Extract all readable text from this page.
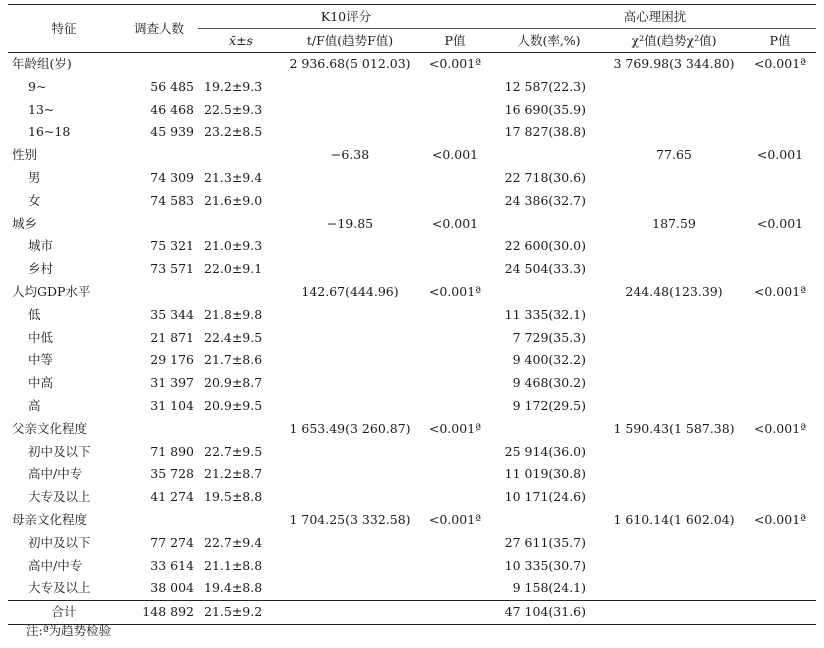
特征	调查人数	K10评分			高心理困扰		
		x̄±s	t/F值(趋势F值)	P值	人数(率,%)	χ²值(趋势χ²值)	P值
年龄组(岁)			2 936.68(5 012.03)	<0.001ª		3 769.98(3 344.80)	<0.001ª
9~	56 485	19.2±9.3			12 587(22.3)		
13~	46 468	22.5±9.3			16 690(35.9)		
16~18	45 939	23.2±8.5			17 827(38.8)		
性别			−6.38	<0.001		77.65	<0.001
男	74 309	21.3±9.4			22 718(30.6)		
女	74 583	21.6±9.0			24 386(32.7)		
城乡			−19.85	<0.001		187.59	<0.001
城市	75 321	21.0±9.3			22 600(30.0)		
乡村	73 571	22.0±9.1			24 504(33.3)		
人均GDP水平			142.67(444.96)	<0.001ª		244.48(123.39)	<0.001ª
低	35 344	21.8±9.8			11 335(32.1)		
中低	21 871	22.4±9.5			7 729(35.3)		
中等	29 176	21.7±8.6			9 400(32.2)		
中高	31 397	20.9±8.7			9 468(30.2)		
高	31 104	20.9±9.5			9 172(29.5)		
父亲文化程度			1 653.49(3 260.87)	<0.001ª		1 590.43(1 587.38)	<0.001ª
初中及以下	71 890	22.7±9.5			25 914(36.0)		
高中/中专	35 728	21.2±8.7			11 019(30.8)		
大专及以上	41 274	19.5±8.8			10 171(24.6)		
母亲文化程度			1 704.25(3 332.58)	<0.001ª		1 610.14(1 602.04)	<0.001ª
初中及以下	77 274	22.7±9.4			27 611(35.7)		
高中/中专	33 614	21.1±8.8			10 335(30.7)		
大专及以上	38 004	19.4±8.8			9 158(24.1)		
合计	148 892	21.5±9.2			47 104(31.6)		
注:ª为趋势检验
